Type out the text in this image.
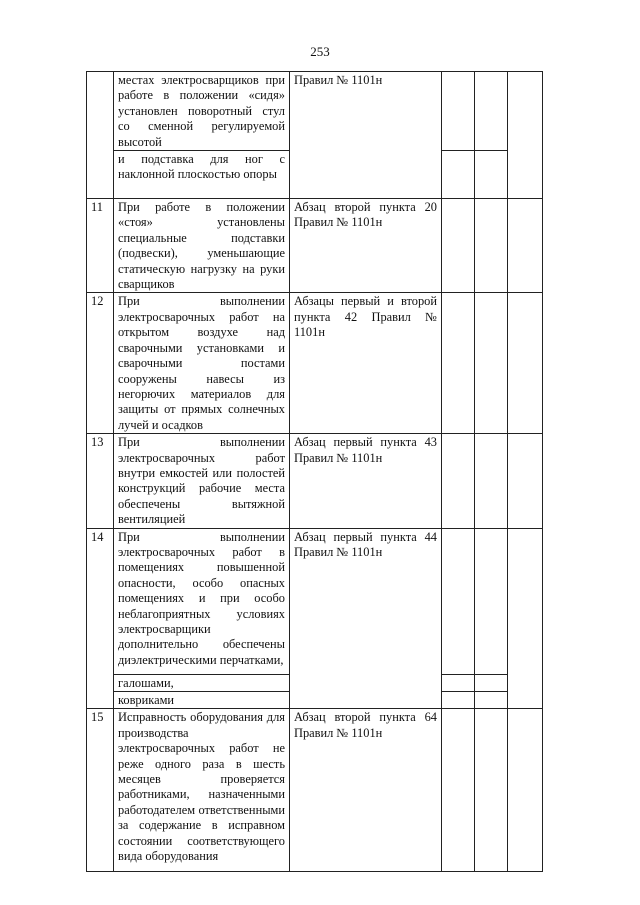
253
	местах электросварщиков при работе в положении «сидя» установлен поворотный стул со сменной регулируемой высотой	Правил № 1101н			
	и подставка для ног с наклонной плоскостью опоры				
11	При работе в положении «стоя» установлены специальные подставки (подвески), уменьшающие статическую нагрузку на руки сварщиков	Абзац второй пункта 20 Правил № 1101н			
12	При выполнении электросварочных работ на открытом воздухе над сварочными установками и сварочными постами сооружены навесы из негорючих материалов для защиты от прямых солнечных лучей и осадков	Абзацы первый и второй пункта 42 Правил № 1101н			
13	При выполнении электросварочных работ внутри емкостей или полостей конструкций рабочие места обеспечены вытяжной вентиляцией	Абзац первый пункта 43 Правил № 1101н			
14	При выполнении электросварочных работ в помещениях повышенной опасности, особо опасных помещениях и при особо неблагоприятных условиях электросварщики дополнительно обеспечены диэлектрическими перчатками,	Абзац первый пункта 44 Правил № 1101н			
	галошами,				
	ковриками				
15	Исправность оборудования для производства электросварочных работ не реже одного раза в шесть месяцев проверяется работниками, назначенными работодателем ответственными за содержание в исправном состоянии соответствующего вида оборудования	Абзац второй пункта 64 Правил № 1101н			
